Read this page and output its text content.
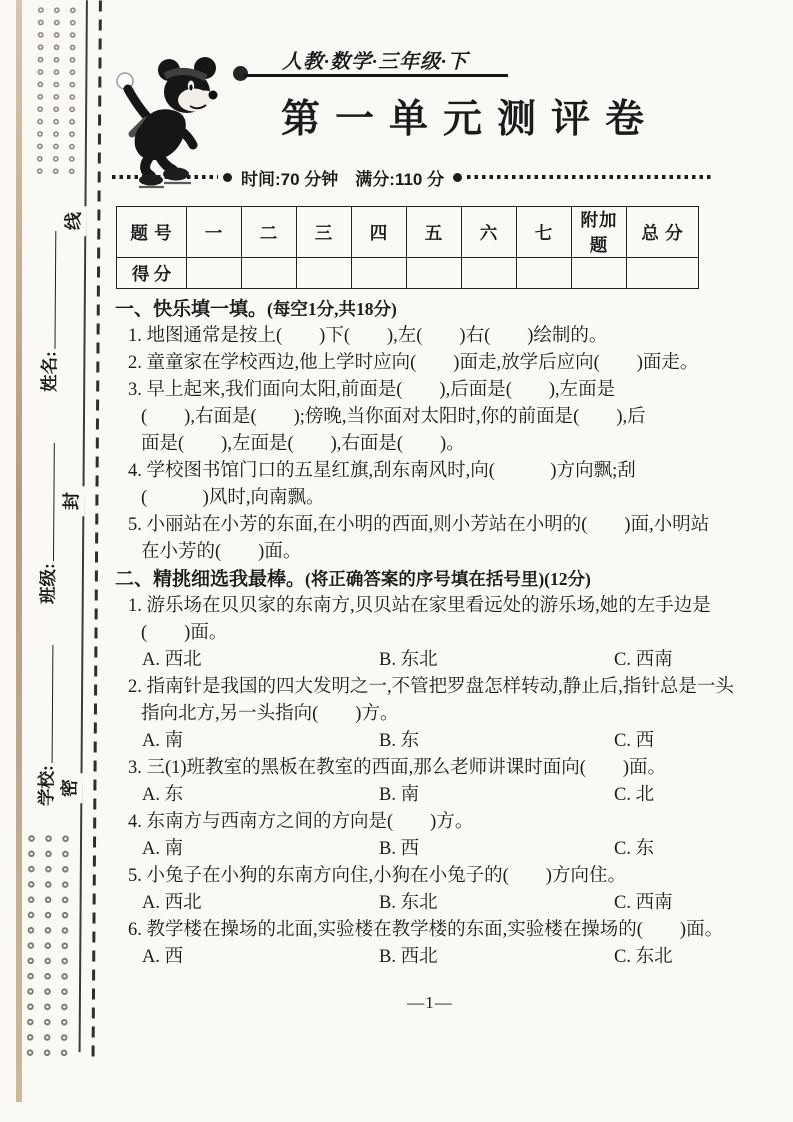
线
封
密
姓名:
班级:
学校:
人教·数学·三年级·下
第一单元测评卷
时间:70 分钟　满分:110 分
题 号	一	二	三	四	五	六	七	附加题	总 分
得 分									
一、快乐填一填。(每空1分,共18分)
1. 地图通常是按上(　　)下(　　),左(　　)右(　　)绘制的。
2. 童童家在学校西边,他上学时应向(　　)面走,放学后应向(　　)面走。
3. 早上起来,我们面向太阳,前面是(　　),后面是(　　),左面是
(　　),右面是(　　);傍晚,当你面对太阳时,你的前面是(　　),后
面是(　　),左面是(　　),右面是(　　)。
4. 学校图书馆门口的五星红旗,刮东南风时,向(　　　)方向飘;刮
(　　　)风时,向南飘。
5. 小丽站在小芳的东面,在小明的西面,则小芳站在小明的(　　)面,小明站
在小芳的(　　)面。
二、精挑细选我最棒。(将正确答案的序号填在括号里)(12分)
1. 游乐场在贝贝家的东南方,贝贝站在家里看远处的游乐场,她的左手边是
(　　)面。
A. 西北	B. 东北	C. 西南
2. 指南针是我国的四大发明之一,不管把罗盘怎样转动,静止后,指针总是一头
指向北方,另一头指向(　　)方。
A. 南	B. 东	C. 西
3. 三(1)班教室的黑板在教室的西面,那么老师讲课时面向(　　)面。
A. 东	B. 南	C. 北
4. 东南方与西南方之间的方向是(　　)方。
A. 南	B. 西	C. 东
5. 小兔子在小狗的东南方向住,小狗在小兔子的(　　)方向住。
A. 西北	B. 东北	C. 西南
6. 教学楼在操场的北面,实验楼在教学楼的东面,实验楼在操场的(　　)面。
A. 西	B. 西北	C. 东北
—1—
